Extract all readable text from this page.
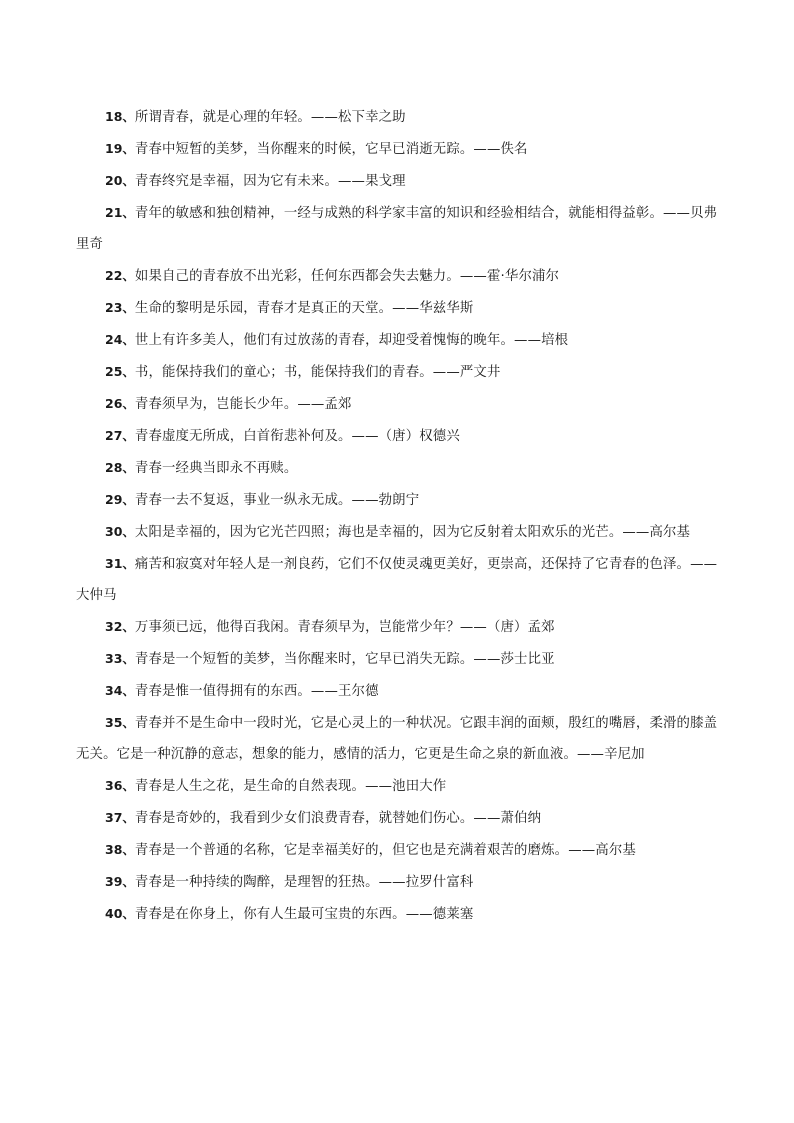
18、所谓青春，就是心理的年轻。——松下幸之助
19、青春中短暂的美梦，当你醒来的时候，它早已消逝无踪。——佚名
20、青春终究是幸福，因为它有未来。——果戈理
21、青年的敏感和独创精神，一经与成熟的科学家丰富的知识和经验相结合，就能相得益彰。——贝弗里奇
22、如果自己的青春放不出光彩，任何东西都会失去魅力。——霍·华尔浦尔
23、生命的黎明是乐园，青春才是真正的天堂。——华兹华斯
24、世上有许多美人，他们有过放荡的青春，却迎受着愧悔的晚年。——培根
25、书，能保持我们的童心；书，能保持我们的青春。——严文井
26、青春须早为，岂能长少年。——孟郊
27、青春虚度无所成，白首衔悲补何及。——（唐）权德兴
28、青春一经典当即永不再赎。
29、青春一去不复返，事业一纵永无成。——勃朗宁
30、太阳是幸福的，因为它光芒四照；海也是幸福的，因为它反射着太阳欢乐的光芒。——高尔基
31、痛苦和寂寞对年轻人是一剂良药，它们不仅使灵魂更美好，更崇高，还保持了它青春的色泽。——大仲马
32、万事须已远，他得百我闲。青春须早为，岂能常少年？——（唐）孟郊
33、青春是一个短暂的美梦，当你醒来时，它早已消失无踪。——莎士比亚
34、青春是惟一值得拥有的东西。——王尔德
35、青春并不是生命中一段时光，它是心灵上的一种状况。它跟丰润的面颊，殷红的嘴唇，柔滑的膝盖无关。它是一种沉静的意志，想象的能力，感情的活力，它更是生命之泉的新血液。——辛尼加
36、青春是人生之花，是生命的自然表现。——池田大作
37、青春是奇妙的，我看到少女们浪费青春，就替她们伤心。——萧伯纳
38、青春是一个普通的名称，它是幸福美好的，但它也是充满着艰苦的磨炼。——高尔基
39、青春是一种持续的陶醉，是理智的狂热。——拉罗什富科
40、青春是在你身上，你有人生最可宝贵的东西。——德莱塞
